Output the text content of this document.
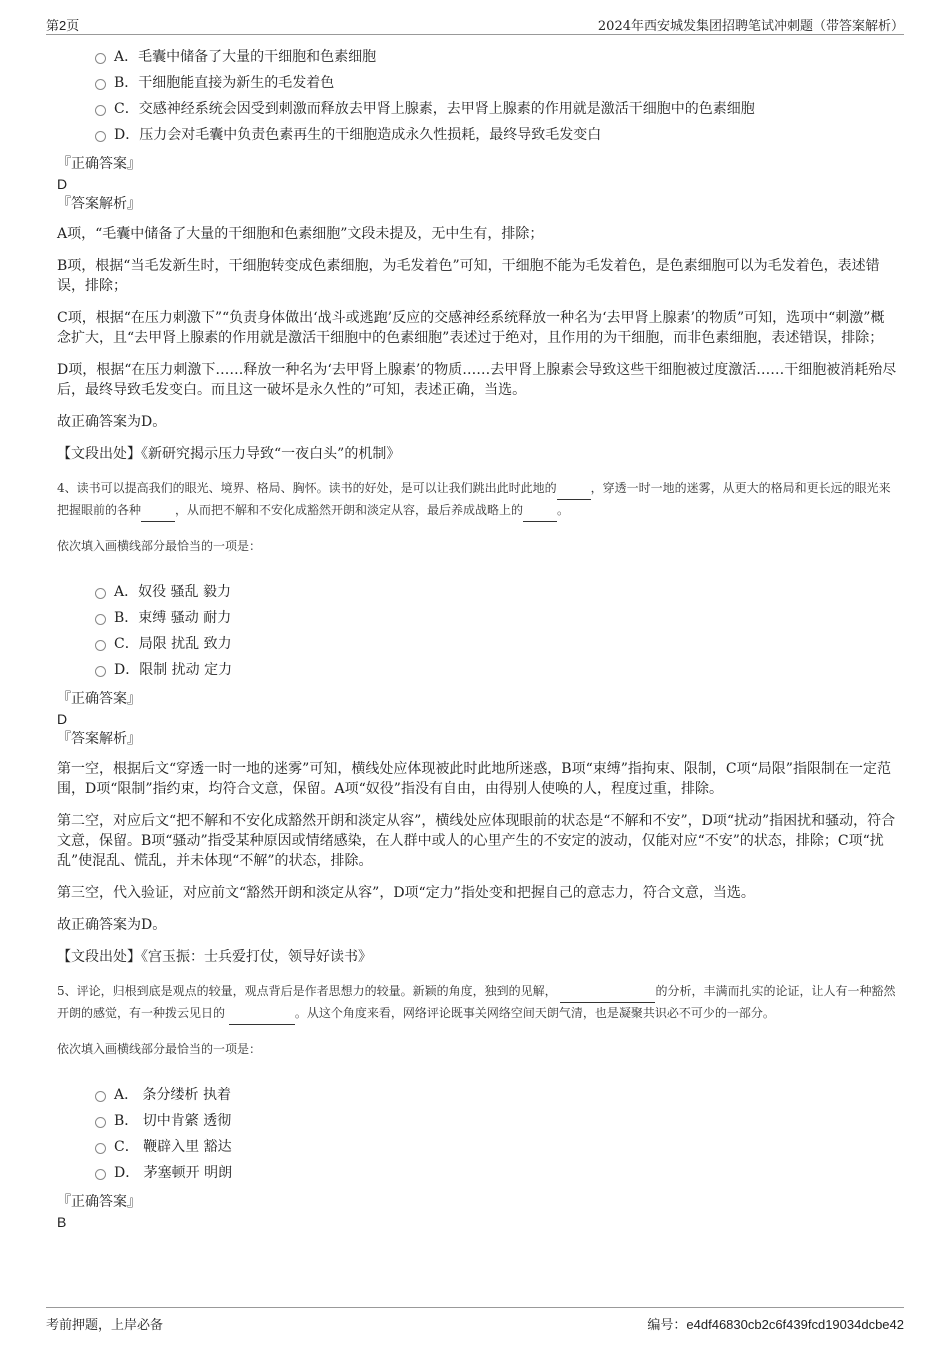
第2页	2024年西安城发集团招聘笔试冲刺题（带答案解析）
A．毛囊中储备了大量的干细胞和色素细胞
B．干细胞能直接为新生的毛发着色
C．交感神经系统会因受到刺激而释放去甲肾上腺素，去甲肾上腺素的作用就是激活干细胞中的色素细胞
D．压力会对毛囊中负责色素再生的干细胞造成永久性损耗，最终导致毛发变白
『正确答案』
D
『答案解析』

A项，“毛囊中储备了大量的干细胞和色素细胞”文段未提及，无中生有，排除；

B项，根据“当毛发新生时，干细胞转变成色素细胞，为毛发着色”可知，干细胞不能为毛发着色，是色素细胞可以为毛发着色，表述错误，排除；

C项，根据“在压力刺激下”“负责身体做出‘战斗或逃跑’反应的交感神经系统释放一种名为‘去甲肾上腺素’的物质”可知，选项中“刺激”概念扩大，且“去甲肾上腺素的作用就是激活干细胞中的色素细胞”表述过于绝对，且作用的为干细胞，而非色素细胞，表述错误，排除；

D项，根据“在压力刺激下……释放一种名为‘去甲肾上腺素’的物质……去甲肾上腺素会导致这些干细胞被过度激活……干细胞被消耗殆尽后，最终导致毛发变白。而且这一破坏是永久性的”可知，表述正确，当选。

故正确答案为D。

【文段出处】《新研究揭示压力导致“一夜白头”的机制》

4、读书可以提高我们的眼光、境界、格局、胸怀。读书的好处，是可以让我们跳出此时此地的	，穿透一时一地的迷雾，从更大的格局和更长远的眼光来把握眼前的各种	，从而把不解和不安化成豁然开朗和淡定从容，最后养成战略上的	。

依次填入画横线部分最恰当的一项是：

A．奴役 骚乱 毅力
B．束缚 骚动 耐力
C．局限 扰乱 致力
D．限制 扰动 定力
『正确答案』
D
『答案解析』

第一空，根据后文“穿透一时一地的迷雾”可知，横线处应体现被此时此地所迷惑，B项“束缚”指拘束、限制，C项“局限”指限制在一定范围，D项“限制”指约束，均符合文意，保留。A项“奴役”指没有自由，由得别人使唤的人，程度过重，排除。

第二空，对应后文“把不解和不安化成豁然开朗和淡定从容”，横线处应体现眼前的状态是“不解和不安”，D项“扰动”指困扰和骚动，符合文意，保留。B项“骚动”指受某种原因或情绪感染，在人群中或人的心里产生的不安定的波动，仅能对应“不安”的状态，排除；C项“扰乱”使混乱、慌乱，并未体现“不解”的状态，排除。

第三空，代入验证，对应前文“豁然开朗和淡定从容”，D项“定力”指处变和把握自己的意志力，符合文意，当选。

故正确答案为D。

【文段出处】《宫玉振：士兵爱打仗，领导好读书》

5、评论，归根到底是观点的较量，观点背后是作者思想力的较量。新颖的角度，独到的见解，	的分析，丰满而扎实的论证，让人有一种豁然开朗的感觉，有一种拨云见日的	。从这个角度来看，网络评论既事关网络空间天朗气清，也是凝聚共识必不可少的一部分。

依次填入画横线部分最恰当的一项是：

A． 条分缕析 执着
B． 切中肯綮 透彻
C． 鞭辟入里 豁达
D． 茅塞顿开 明朗
『正确答案』
B
考前押题，上岸必备	编号：e4df46830cb2c6f439fcd19034dcbe42
